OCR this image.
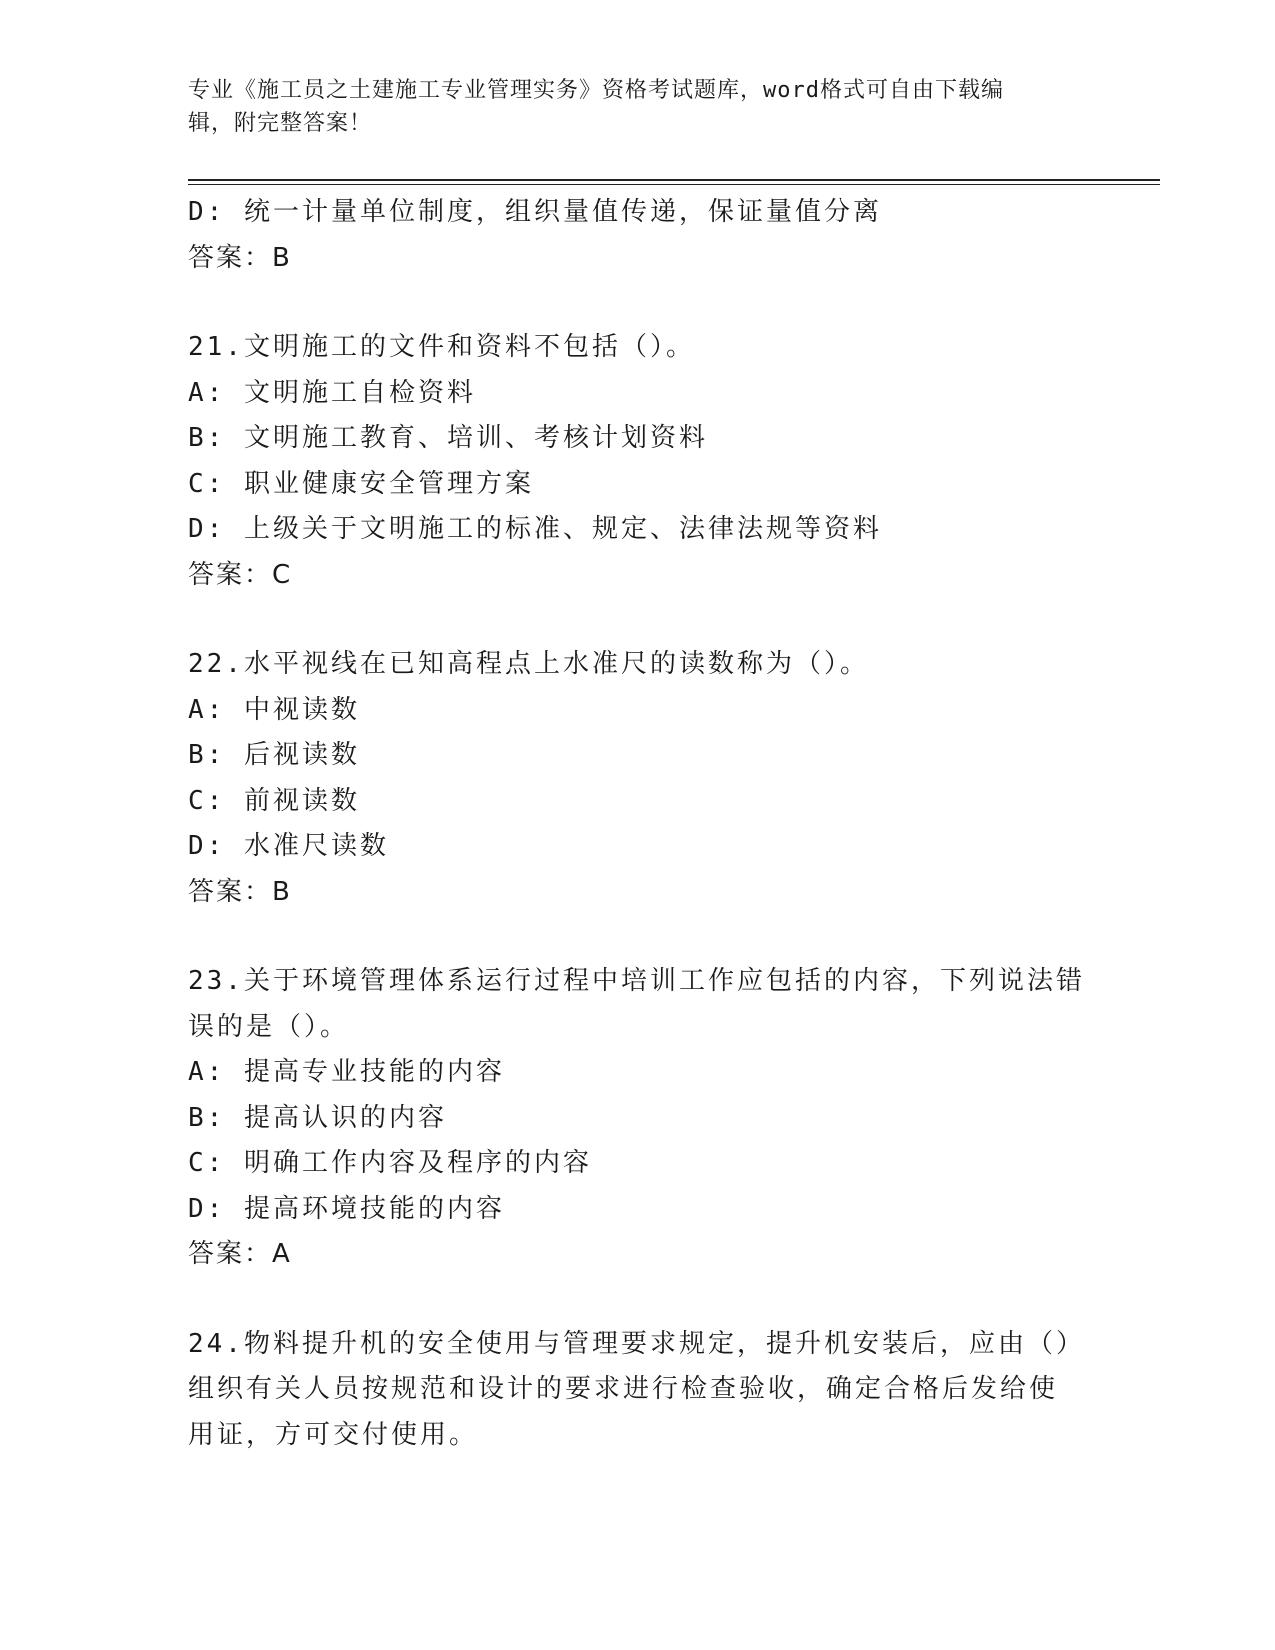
专业《施工员之土建施工专业管理实务》资格考试题库，word格式可自由下载编
辑，附完整答案！
D: 统一计量单位制度，组织量值传递，保证量值分离
答案：B
21.文明施工的文件和资料不包括（）。
A: 文明施工自检资料
B: 文明施工教育、培训、考核计划资料
C: 职业健康安全管理方案
D: 上级关于文明施工的标准、规定、法律法规等资料
答案：C
22.水平视线在已知高程点上水准尺的读数称为（）。
A: 中视读数
B: 后视读数
C: 前视读数
D: 水准尺读数
答案：B
23.关于环境管理体系运行过程中培训工作应包括的内容，下列说法错
误的是（）。
A: 提高专业技能的内容
B: 提高认识的内容
C: 明确工作内容及程序的内容
D: 提高环境技能的内容
答案：A
24.物料提升机的安全使用与管理要求规定，提升机安装后，应由（）
组织有关人员按规范和设计的要求进行检查验收，确定合格后发给使
用证，方可交付使用。
